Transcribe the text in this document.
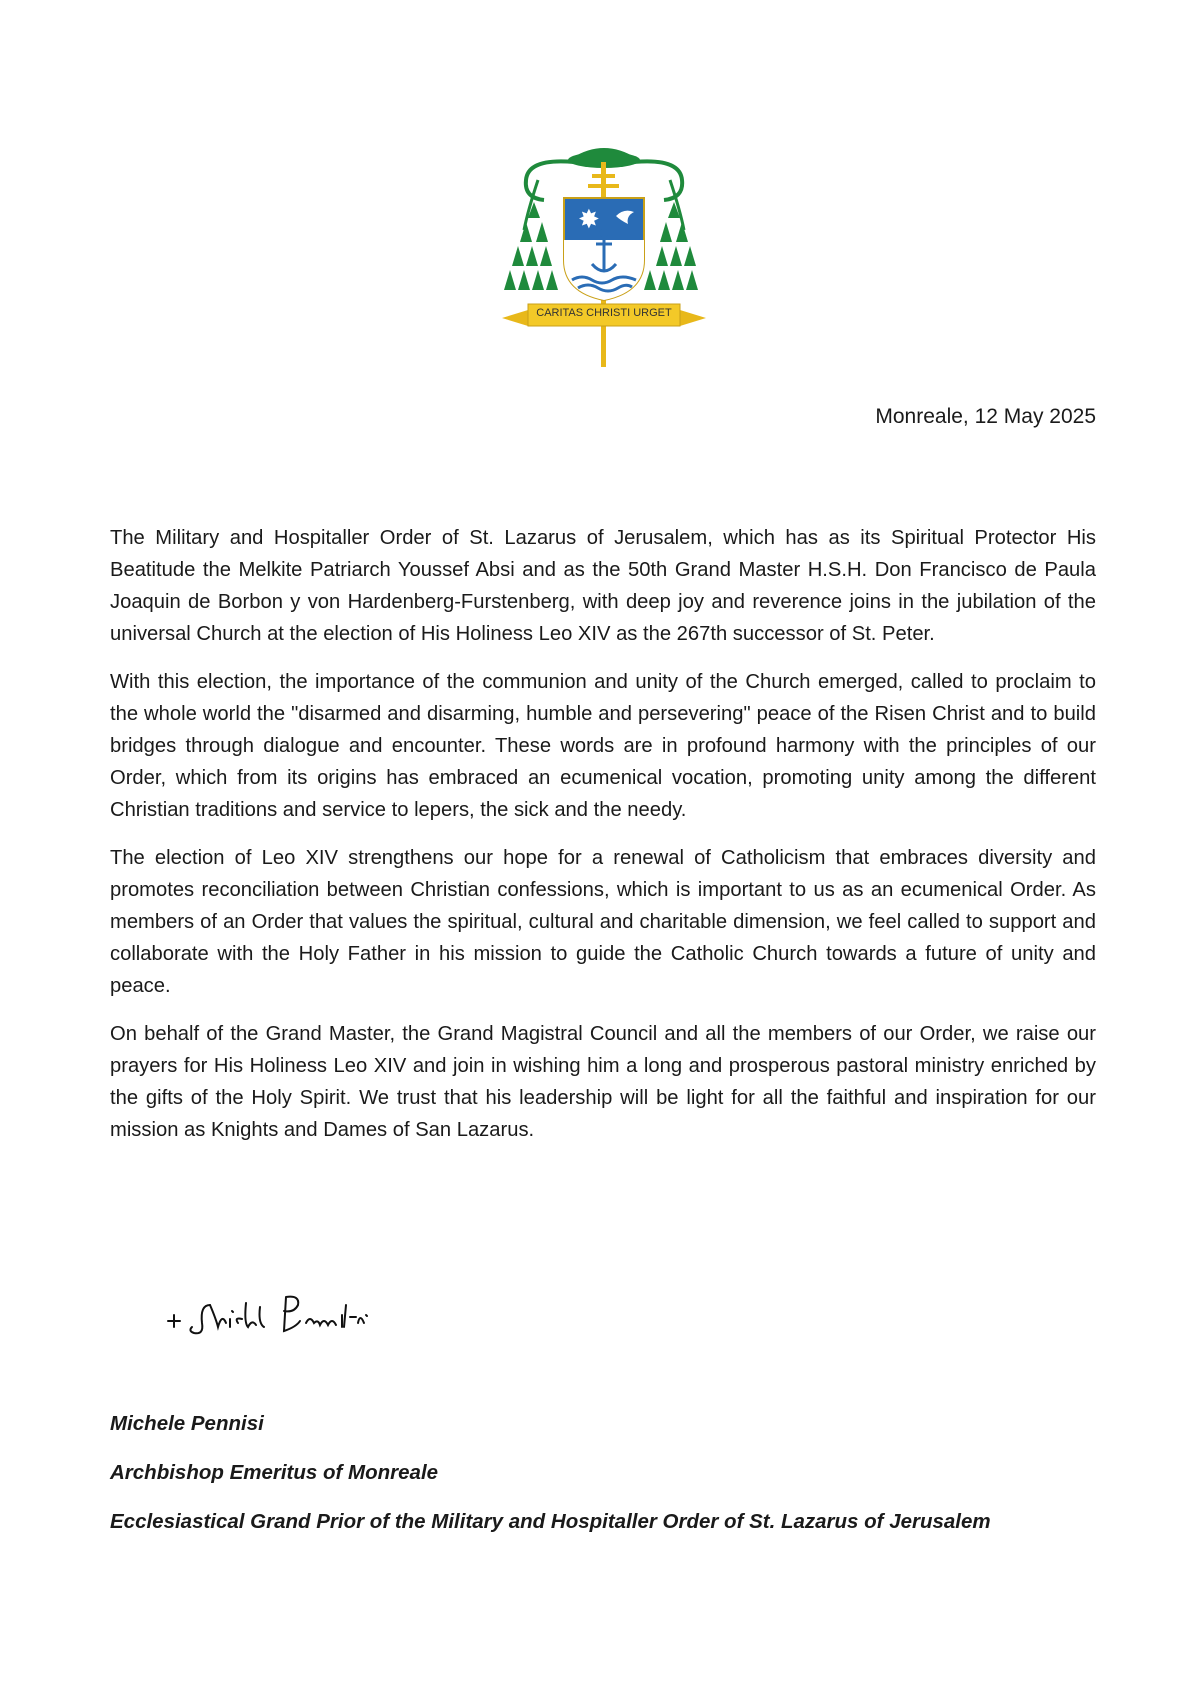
✸
CARITAS CHRISTI URGET
Monreale, 12 May 2025

The Military and Hospitaller Order of St. Lazarus of Jerusalem, which has as its Spiritual Protector His Beatitude the Melkite Patriarch Youssef Absi and as the 50th Grand Master H.S.H. Don Francisco de Paula Joaquin de Borbon y von Hardenberg-Furstenberg, with deep joy and reverence joins in the jubilation of the universal Church at the election of His Holiness Leo XIV as the 267th successor of St. Peter.

With this election, the importance of the communion and unity of the Church emerged, called to proclaim to the whole world the "disarmed and disarming, humble and persevering" peace of the Risen Christ and to build bridges through dialogue and encounter. These words are in profound harmony with the principles of our Order, which from its origins has embraced an ecumenical vocation, promoting unity among the different Christian traditions and service to lepers, the sick and the needy.

The election of Leo XIV strengthens our hope for a renewal of Catholicism that embraces diversity and promotes reconciliation between Christian confessions, which is important to us as an ecumenical Order. As members of an Order that values the spiritual, cultural and charitable dimension, we feel called to support and collaborate with the Holy Father in his mission to guide the Catholic Church towards a future of unity and peace.

On behalf of the Grand Master, the Grand Magistral Council and all the members of our Order, we raise our prayers for His Holiness Leo XIV and join in wishing him a long and prosperous pastoral ministry enriched by the gifts of the Holy Spirit. We trust that his leadership will be light for all the faithful and inspiration for our mission as Knights and Dames of San Lazarus.

Michele Pennisi
Archbishop Emeritus of Monreale
Ecclesiastical Grand Prior of the Military and Hospitaller Order of St. Lazarus of Jerusalem
